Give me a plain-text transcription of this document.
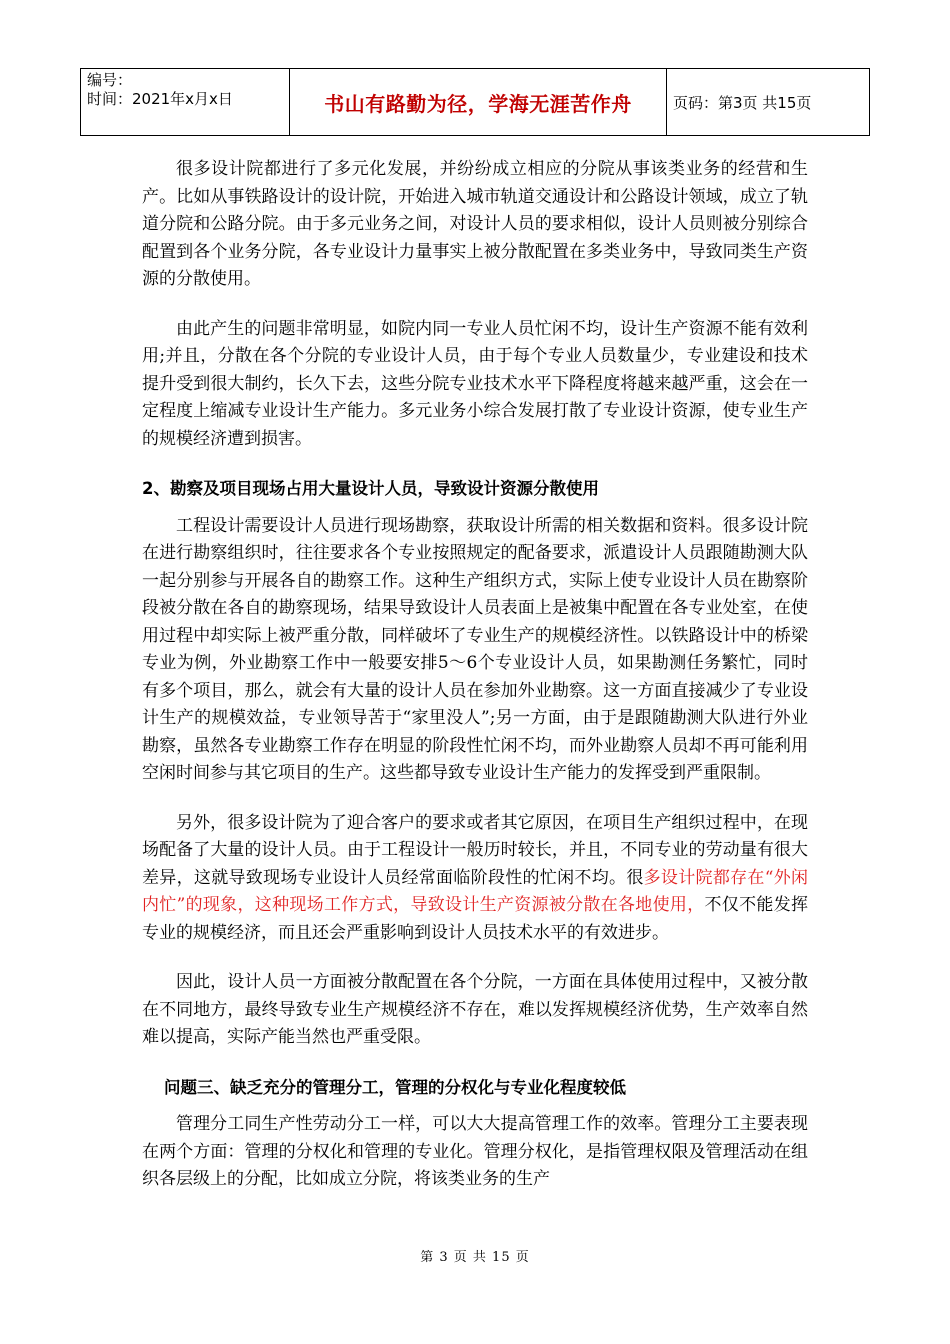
编号：
时间：2021年x月x日	书山有路勤为径，学海无涯苦作舟	页码：第3页 共15页

很多设计院都进行了多元化发展，并纷纷成立相应的分院从事该类业务的经营和生产。比如从事铁路设计的设计院，开始进入城市轨道交通设计和公路设计领域，成立了轨道分院和公路分院。由于多元业务之间，对设计人员的要求相似，设计人员则被分别综合配置到各个业务分院，各专业设计力量事实上被分散配置在多类业务中，导致同类生产资源的分散使用。

由此产生的问题非常明显，如院内同一专业人员忙闲不均，设计生产资源不能有效利用;并且，分散在各个分院的专业设计人员，由于每个专业人员数量少，专业建设和技术提升受到很大制约，长久下去，这些分院专业技术水平下降程度将越来越严重，这会在一定程度上缩减专业设计生产能力。多元业务小综合发展打散了专业设计资源，使专业生产的规模经济遭到损害。

2、勘察及项目现场占用大量设计人员，导致设计资源分散使用

工程设计需要设计人员进行现场勘察，获取设计所需的相关数据和资料。很多设计院在进行勘察组织时，往往要求各个专业按照规定的配备要求，派遣设计人员跟随勘测大队一起分别参与开展各自的勘察工作。这种生产组织方式，实际上使专业设计人员在勘察阶段被分散在各自的勘察现场，结果导致设计人员表面上是被集中配置在各专业处室，在使用过程中却实际上被严重分散，同样破坏了专业生产的规模经济性。以铁路设计中的桥梁专业为例，外业勘察工作中一般要安排5～6个专业设计人员，如果勘测任务繁忙，同时有多个项目，那么，就会有大量的设计人员在参加外业勘察。这一方面直接减少了专业设计生产的规模效益，专业领导苦于“家里没人”;另一方面，由于是跟随勘测大队进行外业勘察，虽然各专业勘察工作存在明显的阶段性忙闲不均，而外业勘察人员却不再可能利用空闲时间参与其它项目的生产。这些都导致专业设计生产能力的发挥受到严重限制。

另外，很多设计院为了迎合客户的要求或者其它原因，在项目生产组织过程中，在现场配备了大量的设计人员。由于工程设计一般历时较长，并且，不同专业的劳动量有很大差异，这就导致现场专业设计人员经常面临阶段性的忙闲不均。很多设计院都存在“外闲内忙”的现象，这种现场工作方式，导致设计生产资源被分散在各地使用，不仅不能发挥专业的规模经济，而且还会严重影响到设计人员技术水平的有效进步。

因此，设计人员一方面被分散配置在各个分院，一方面在具体使用过程中，又被分散在不同地方，最终导致专业生产规模经济不存在，难以发挥规模经济优势，生产效率自然难以提高，实际产能当然也严重受限。

问题三、缺乏充分的管理分工，管理的分权化与专业化程度较低

管理分工同生产性劳动分工一样，可以大大提高管理工作的效率。管理分工主要表现在两个方面：管理的分权化和管理的专业化。管理分权化，是指管理权限及管理活动在组织各层级上的分配，比如成立分院，将该类业务的生产

第 3 页 共 15 页
